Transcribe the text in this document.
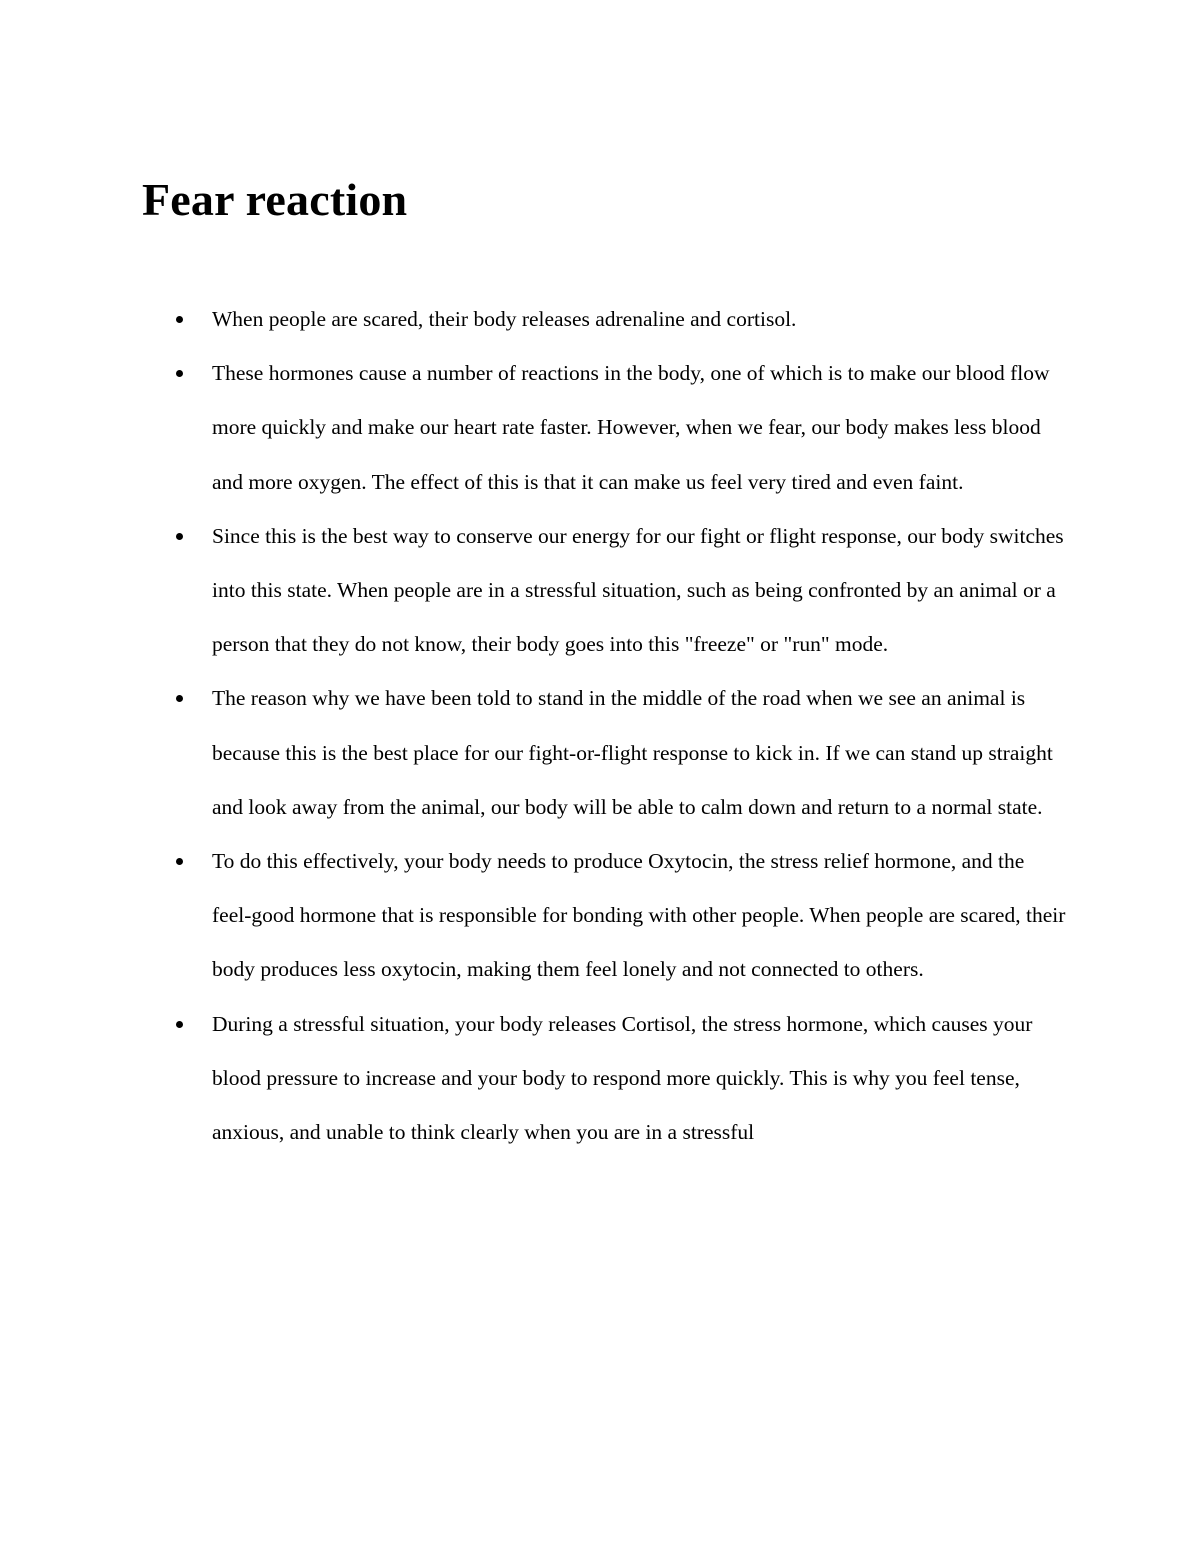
Fear reaction
When people are scared, their body releases adrenaline and cortisol.
These hormones cause a number of reactions in the body, one of which is to make our blood flow more quickly and make our heart rate faster. However, when we fear, our body makes less blood and more oxygen. The effect of this is that it can make us feel very tired and even faint.
Since this is the best way to conserve our energy for our fight or flight response, our body switches into this state. When people are in a stressful situation, such as being confronted by an animal or a person that they do not know, their body goes into this "freeze" or "run" mode.
The reason why we have been told to stand in the middle of the road when we see an animal is because this is the best place for our fight-or-flight response to kick in. If we can stand up straight and look away from the animal, our body will be able to calm down and return to a normal state.
To do this effectively, your body needs to produce Oxytocin, the stress relief hormone, and the feel-good hormone that is responsible for bonding with other people. When people are scared, their body produces less oxytocin, making them feel lonely and not connected to others.
During a stressful situation, your body releases Cortisol, the stress hormone, which causes your blood pressure to increase and your body to respond more quickly. This is why you feel tense, anxious, and unable to think clearly when you are in a stressful
